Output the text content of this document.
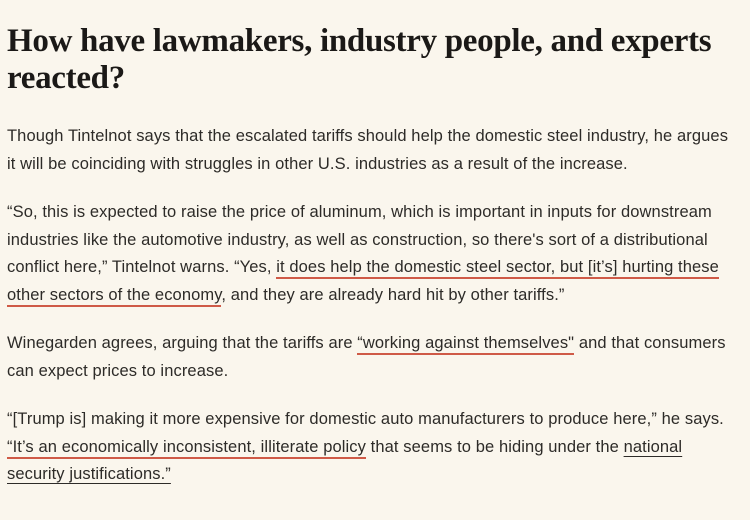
How have lawmakers, industry people, and experts reacted?

Though Tintelnot says that the escalated tariffs should help the domestic steel industry, he argues it will be coinciding with struggles in other U.S. industries as a result of the increase.

“So, this is expected to raise the price of aluminum, which is important in inputs for downstream industries like the automotive industry, as well as construction, so there's sort of a distributional conflict here,” Tintelnot warns. “Yes, it does help the domestic steel sector, but [it’s] hurting these other sectors of the economy, and they are already hard hit by other tariffs.”

Winegarden agrees, arguing that the tariffs are “working against themselves" and that consumers can expect prices to increase.

“[Trump is] making it more expensive for domestic auto manufacturers to produce here,” he says. “It’s an economically inconsistent, illiterate policy that seems to be hiding under the national security justifications.”
